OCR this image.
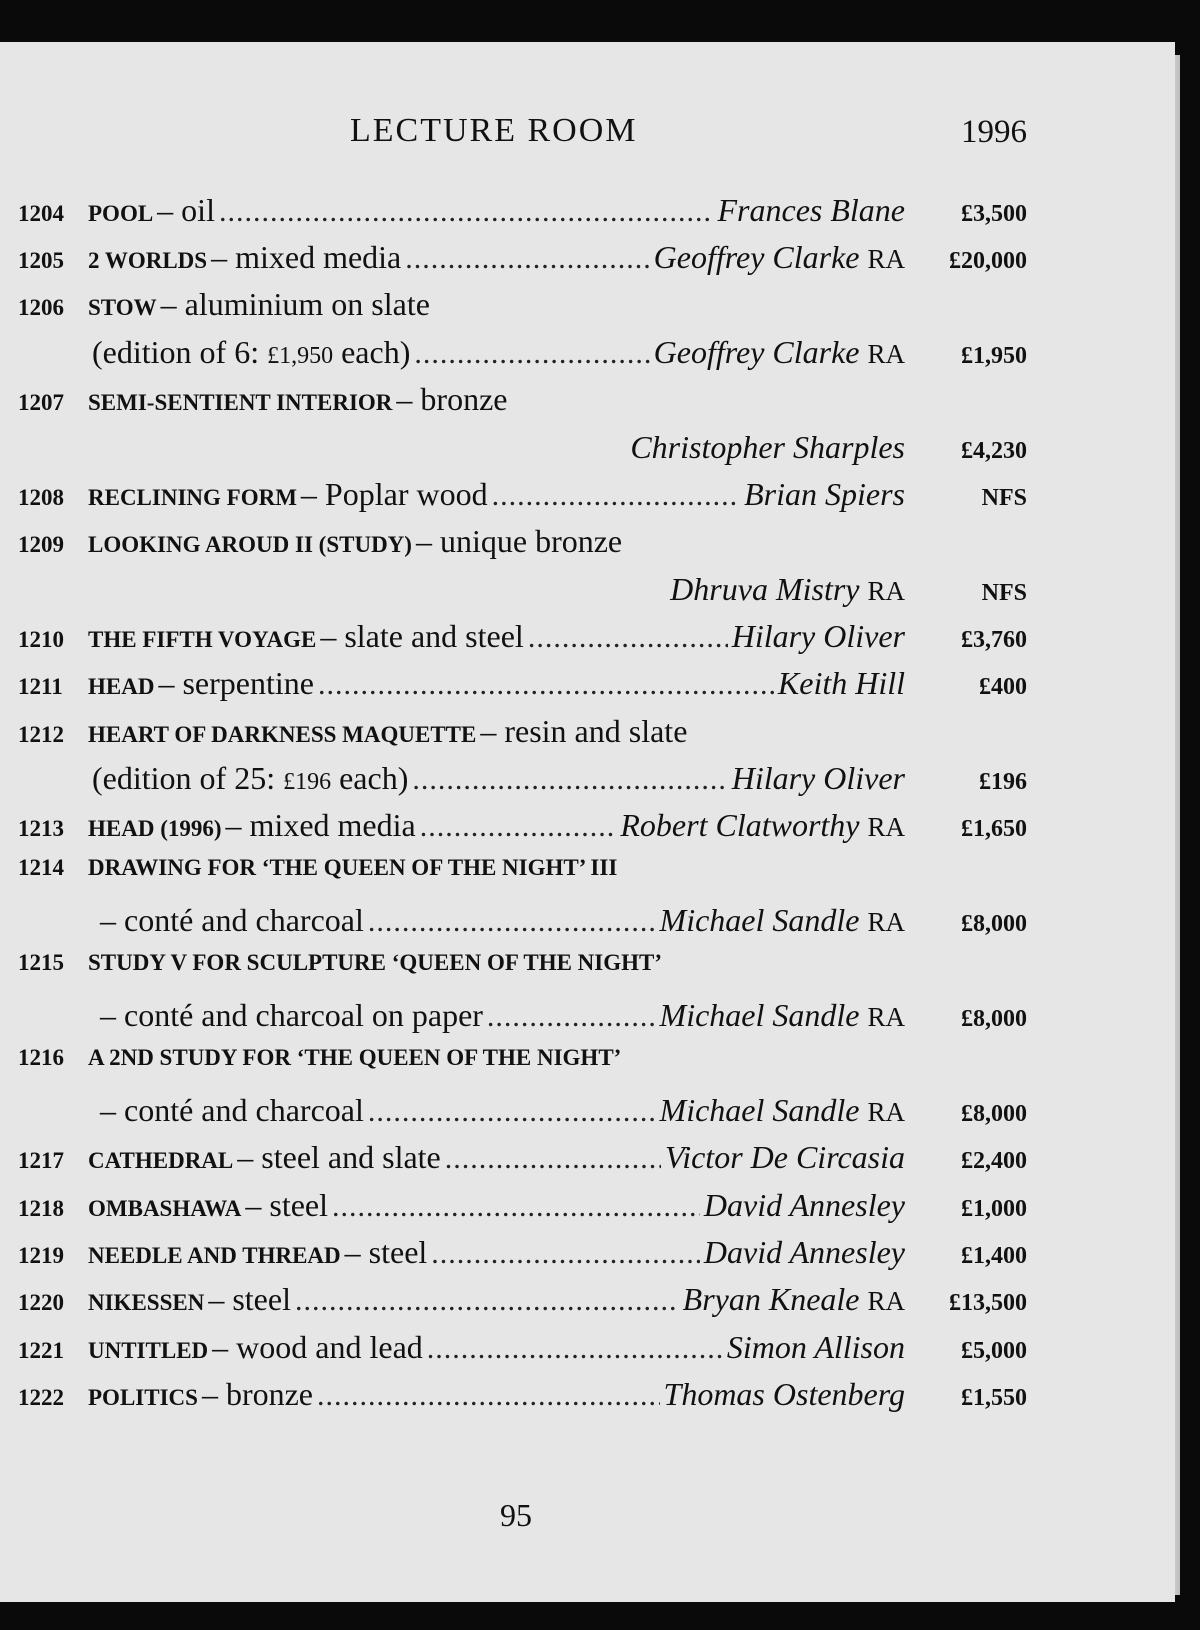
LECTURE ROOM	1996
1204	POOL
– oil .....	Frances Blane	£3,500
1205	2 WORLDS
– mixed media .....	Geoffrey Clarke RA	£20,000
1206	STOW
– aluminium on slate
(edition of 6: £1,950 each) .....	Geoffrey Clarke RA	£1,950
1207	SEMI-SENTIENT INTERIOR
– bronze
Christopher Sharples	£4,230
1208	RECLINING FORM
– Poplar wood .....	Brian Spiers	NFS
1209	LOOKING AROUD II (STUDY)
– unique bronze
Dhruva Mistry RA	NFS
1210	THE FIFTH VOYAGE
– slate and steel .....	Hilary Oliver	£3,760
1211	HEAD
– serpentine .....	Keith Hill	£400
1212	HEART OF DARKNESS MAQUETTE
– resin and slate
(edition of 25: £196 each) .....	Hilary Oliver	£196
1213	HEAD (1996)
– mixed media .....	Robert Clatworthy RA	£1,650
1214	DRAWING FOR ‘THE QUEEN OF THE NIGHT’ III
– conté and charcoal .....	Michael Sandle RA	£8,000
1215	STUDY V FOR SCULPTURE ‘QUEEN OF THE NIGHT’
– conté and charcoal on paper .....	Michael Sandle RA	£8,000
1216	A 2ND STUDY FOR ‘THE QUEEN OF THE NIGHT’
– conté and charcoal .....	Michael Sandle RA	£8,000
1217	CATHEDRAL
– steel and slate .....	Victor De Circasia	£2,400
1218	OMBASHAWA
– steel .....	David Annesley	£1,000
1219	NEEDLE AND THREAD
– steel .....	David Annesley	£1,400
1220	NIKESSEN
– steel .....	Bryan Kneale RA	£13,500
1221	UNTITLED
– wood and lead .....	Simon Allison	£5,000
1222	POLITICS
– bronze .....	Thomas Ostenberg	£1,550
95
